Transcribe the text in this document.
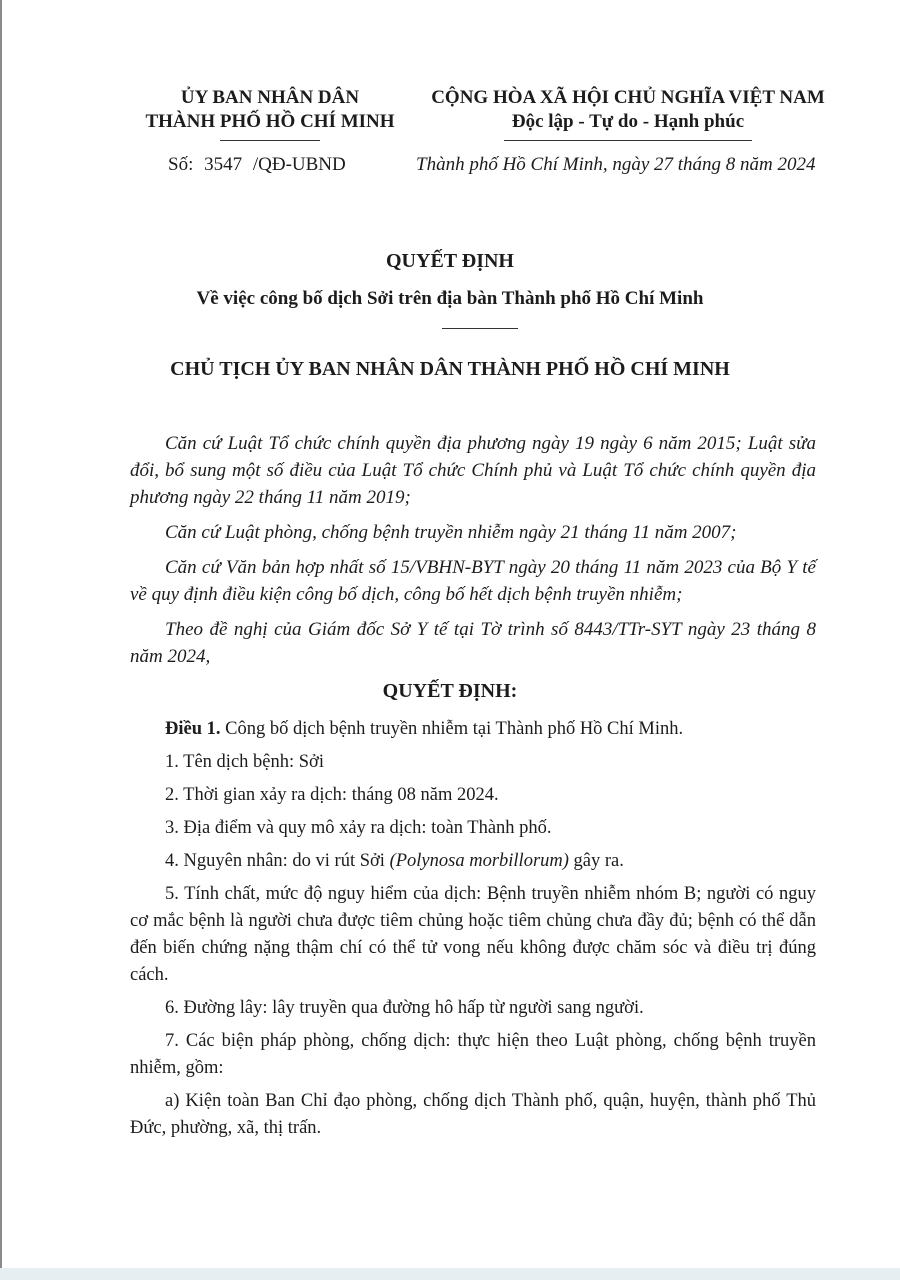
ỦY BAN NHÂN DÂN
THÀNH PHỐ HỒ CHÍ MINH
CỘNG HÒA XÃ HỘI CHỦ NGHĨA VIỆT NAM
Độc lập - Tự do - Hạnh phúc
Số: 3547 /QĐ-UBND	Thành phố Hồ Chí Minh, ngày 27 tháng 8 năm 2024
QUYẾT ĐỊNH
Về việc công bố dịch Sởi trên địa bàn Thành phố Hồ Chí Minh
CHỦ TỊCH ỦY BAN NHÂN DÂN THÀNH PHỐ HỒ CHÍ MINH

Căn cứ Luật Tổ chức chính quyền địa phương ngày 19 ngày 6 năm 2015; Luật sửa đổi, bổ sung một số điều của Luật Tổ chức Chính phủ và Luật Tổ chức chính quyền địa phương ngày 22 tháng 11 năm 2019;

Căn cứ Luật phòng, chống bệnh truyền nhiễm ngày 21 tháng 11 năm 2007;

Căn cứ Văn bản hợp nhất số 15/VBHN-BYT ngày 20 tháng 11 năm 2023 của Bộ Y tế về quy định điều kiện công bố dịch, công bố hết dịch bệnh truyền nhiễm;

Theo đề nghị của Giám đốc Sở Y tế tại Tờ trình số 8443/TTr-SYT ngày 23 tháng 8 năm 2024,

QUYẾT ĐỊNH:

Điều 1. Công bố dịch bệnh truyền nhiễm tại Thành phố Hồ Chí Minh.

1. Tên dịch bệnh: Sởi

2. Thời gian xảy ra dịch: tháng 08 năm 2024.

3. Địa điểm và quy mô xảy ra dịch: toàn Thành phố.

4. Nguyên nhân: do vi rút Sởi (Polynosa morbillorum) gây ra.

5. Tính chất, mức độ nguy hiểm của dịch: Bệnh truyền nhiễm nhóm B; người có nguy cơ mắc bệnh là người chưa được tiêm chủng hoặc tiêm chủng chưa đầy đủ; bệnh có thể dẫn đến biến chứng nặng thậm chí có thể tử vong nếu không được chăm sóc và điều trị đúng cách.

6. Đường lây: lây truyền qua đường hô hấp từ người sang người.

7. Các biện pháp phòng, chống dịch: thực hiện theo Luật phòng, chống bệnh truyền nhiễm, gồm:

a) Kiện toàn Ban Chỉ đạo phòng, chống dịch Thành phố, quận, huyện, thành phố Thủ Đức, phường, xã, thị trấn.
